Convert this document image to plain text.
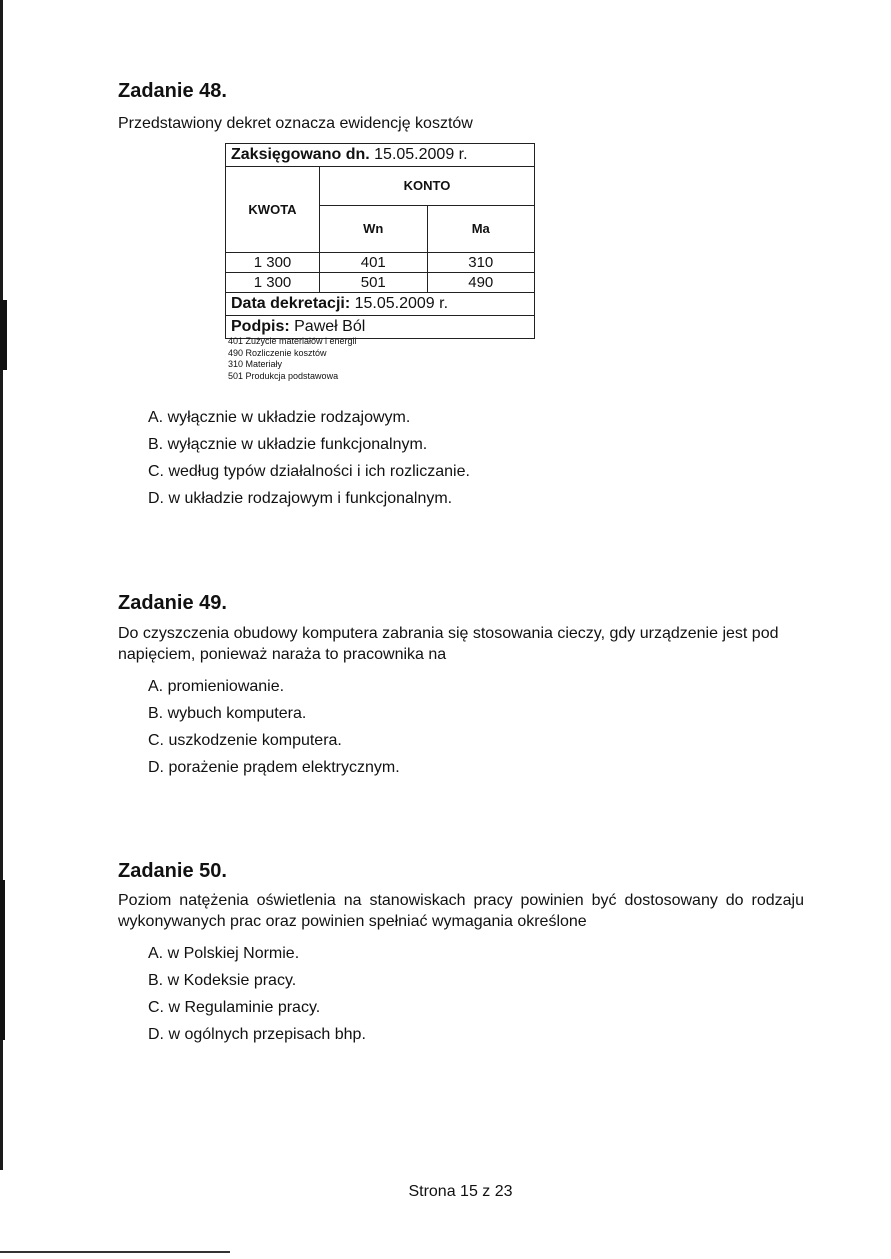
Zadanie 48.

Przedstawiony dekret oznacza ewidencję kosztów

Zaksięgowano dn. 15.05.2009 r.		
KWOTA	KONTO	
	Wn	Ma
1 300	401	310
1 300	501	490
Data dekretacji: 15.05.2009 r.		
Podpis: Paweł Ból		
401 Zużycie materiałów i energii
490 Rozliczenie kosztów
310 Materiały
501 Produkcja podstawowa
A. wyłącznie w układzie rodzajowym.
B. wyłącznie w układzie funkcjonalnym.
C. według typów działalności i ich rozliczanie.
D. w układzie rodzajowym i funkcjonalnym.
Zadanie 49.

Do czyszczenia obudowy komputera zabrania się stosowania cieczy, gdy urządzenie jest pod napięciem, ponieważ naraża to pracownika na

A. promieniowanie.
B. wybuch komputera.
C. uszkodzenie komputera.
D. porażenie prądem elektrycznym.
Zadanie 50.

Poziom natężenia oświetlenia na stanowiskach pracy powinien być dostosowany do rodzaju wykonywanych prac oraz powinien spełniać wymagania określone

A. w Polskiej Normie.
B. w Kodeksie pracy.
C. w Regulaminie pracy.
D. w ogólnych przepisach bhp.
Strona 15 z 23
